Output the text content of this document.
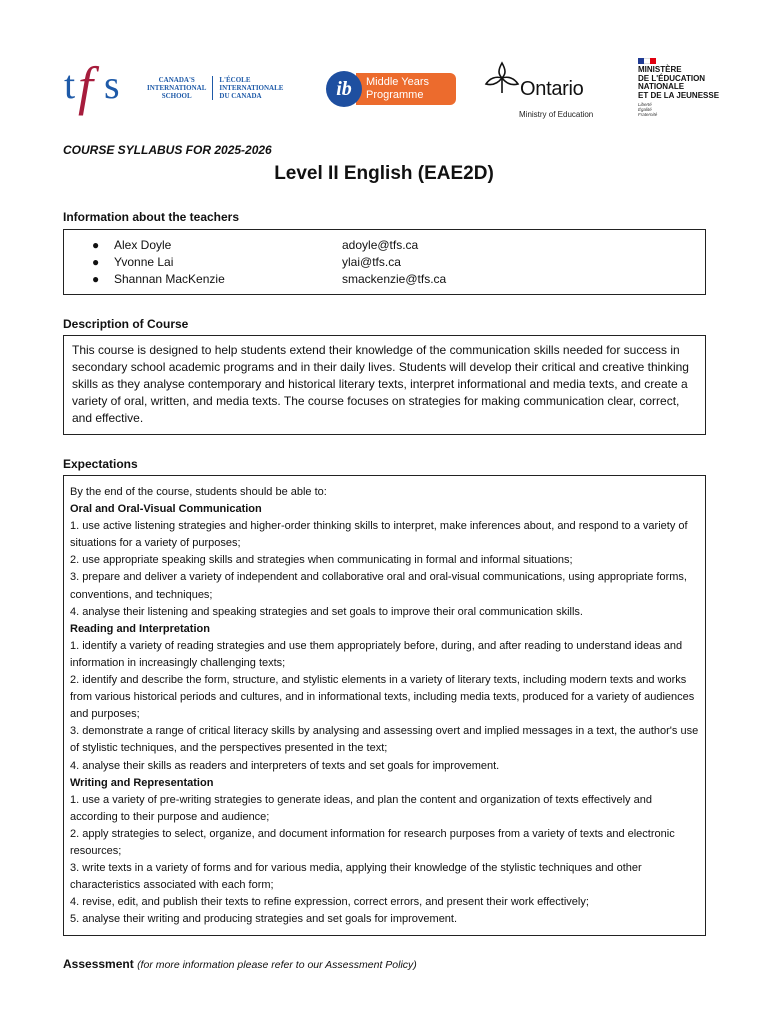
t f s	CANADA'S
INTERNATIONAL
SCHOOL
L'ÉCOLE
INTERNATIONALE
DU CANADA
Middle Years
Programme
ib	Ontario
Ministry of Education
MINISTÈRE
DE L'ÉDUCATION
NATIONALE
ET DE LA JEUNESSE
Liberté
Égalité
Fraternité
COURSE SYLLABUS FOR 2025-2026
Level II English (EAE2D)
Information about the teachers
●	Alex Doyle	adoyle@tfs.ca
●	Yvonne Lai	ylai@tfs.ca
●	Shannan MacKenzie	smackenzie@tfs.ca
Description of Course
This course is designed to help students extend their knowledge of the communication skills needed for success in secondary school academic programs and in their daily lives. Students will develop their critical and creative thinking skills as they analyse contemporary and historical literary texts, interpret informational and media texts, and create a variety of oral, written, and media texts. The course focuses on strategies for making communication clear, correct, and effective.
Expectations
By the end of the course, students should be able to:
Oral and Oral-Visual Communication
1. use active listening strategies and higher-order thinking skills to interpret, make inferences about, and respond to a variety of situations for a variety of purposes;
2. use appropriate speaking skills and strategies when communicating in formal and informal situations;
3. prepare and deliver a variety of independent and collaborative oral and oral-visual communications, using appropriate forms, conventions, and techniques;
4. analyse their listening and speaking strategies and set goals to improve their oral communication skills.
Reading and Interpretation
1. identify a variety of reading strategies and use them appropriately before, during, and after reading to understand ideas and information in increasingly challenging texts;
2. identify and describe the form, structure, and stylistic elements in a variety of literary texts, including modern texts and works from various historical periods and cultures, and in informational texts, including media texts, produced for a variety of audiences and purposes;
3. demonstrate a range of critical literacy skills by analysing and assessing overt and implied messages in a text, the author's use of stylistic techniques, and the perspectives presented in the text;
4. analyse their skills as readers and interpreters of texts and set goals for improvement.
Writing and Representation
1. use a variety of pre-writing strategies to generate ideas, and plan the content and organization of texts effectively and according to their purpose and audience;
2. apply strategies to select, organize, and document information for research purposes from a variety of texts and electronic resources;
3. write texts in a variety of forms and for various media, applying their knowledge of the stylistic techniques and other characteristics associated with each form;
4. revise, edit, and publish their texts to refine expression, correct errors, and present their work effectively;
5. analyse their writing and producing strategies and set goals for improvement.
Assessment (for more information please refer to our Assessment Policy)
